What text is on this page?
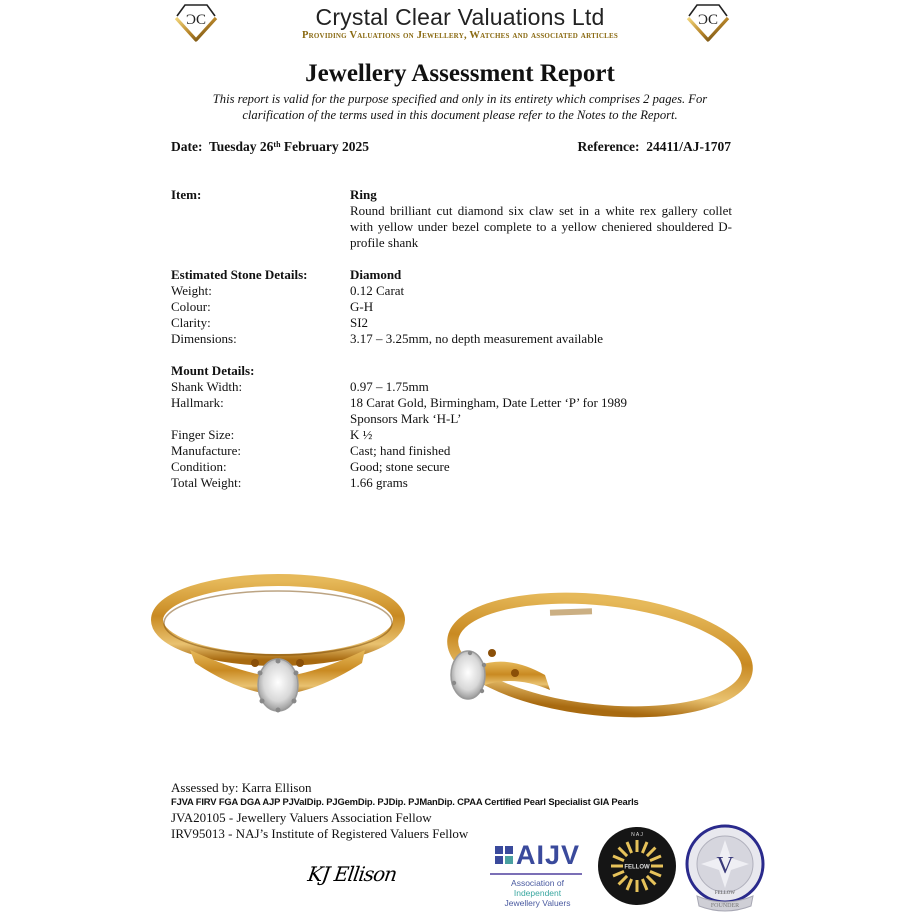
ƆC	ƆC
Crystal Clear Valuations Ltd
Providing Valuations on Jewellery, Watches and associated articles
Jewellery Assessment Report
This report is valid for the purpose specified and only in its entirety which comprises 2 pages. For
clarification of the terms used in this document please refer to the Notes to the Report.
Date: Tuesday 26th February 2025	Reference: 24411/AJ-1707
Item:	Ring
Round brilliant cut diamond six claw set in a white rex gallery collet with yellow under bezel complete to a yellow cheniered shouldered D-profile shank
Estimated Stone Details:	Diamond
Weight:	0.12 Carat
Colour:	G-H
Clarity:	SI2
Dimensions:	3.17 – 3.25mm, no depth measurement available
Mount Details:
Shank Width:	0.97 – 1.75mm
Hallmark:	18 Carat Gold, Birmingham, Date Letter ‘P’ for 1989
Sponsors Mark ‘H-L’
Finger Size:	K ½
Manufacture:	Cast; hand finished
Condition:	Good; stone secure
Total Weight:	1.66 grams
Assessed by: Karra Ellison
FJVA FIRV FGA DGA AJP PJValDip. PJGemDip. PJDip. PJManDip. CPAA Certified Pearl Specialist GIA Pearls
JVA20105 - Jewellery Valuers Association Fellow
IRV95013 - NAJ’s Institute of Registered Valuers Fellow
KJ Ellison
AIJV
Association of
Independent
Jewellery Valuers
FELLOW
N A J
V
FOUNDER
FELLOW
